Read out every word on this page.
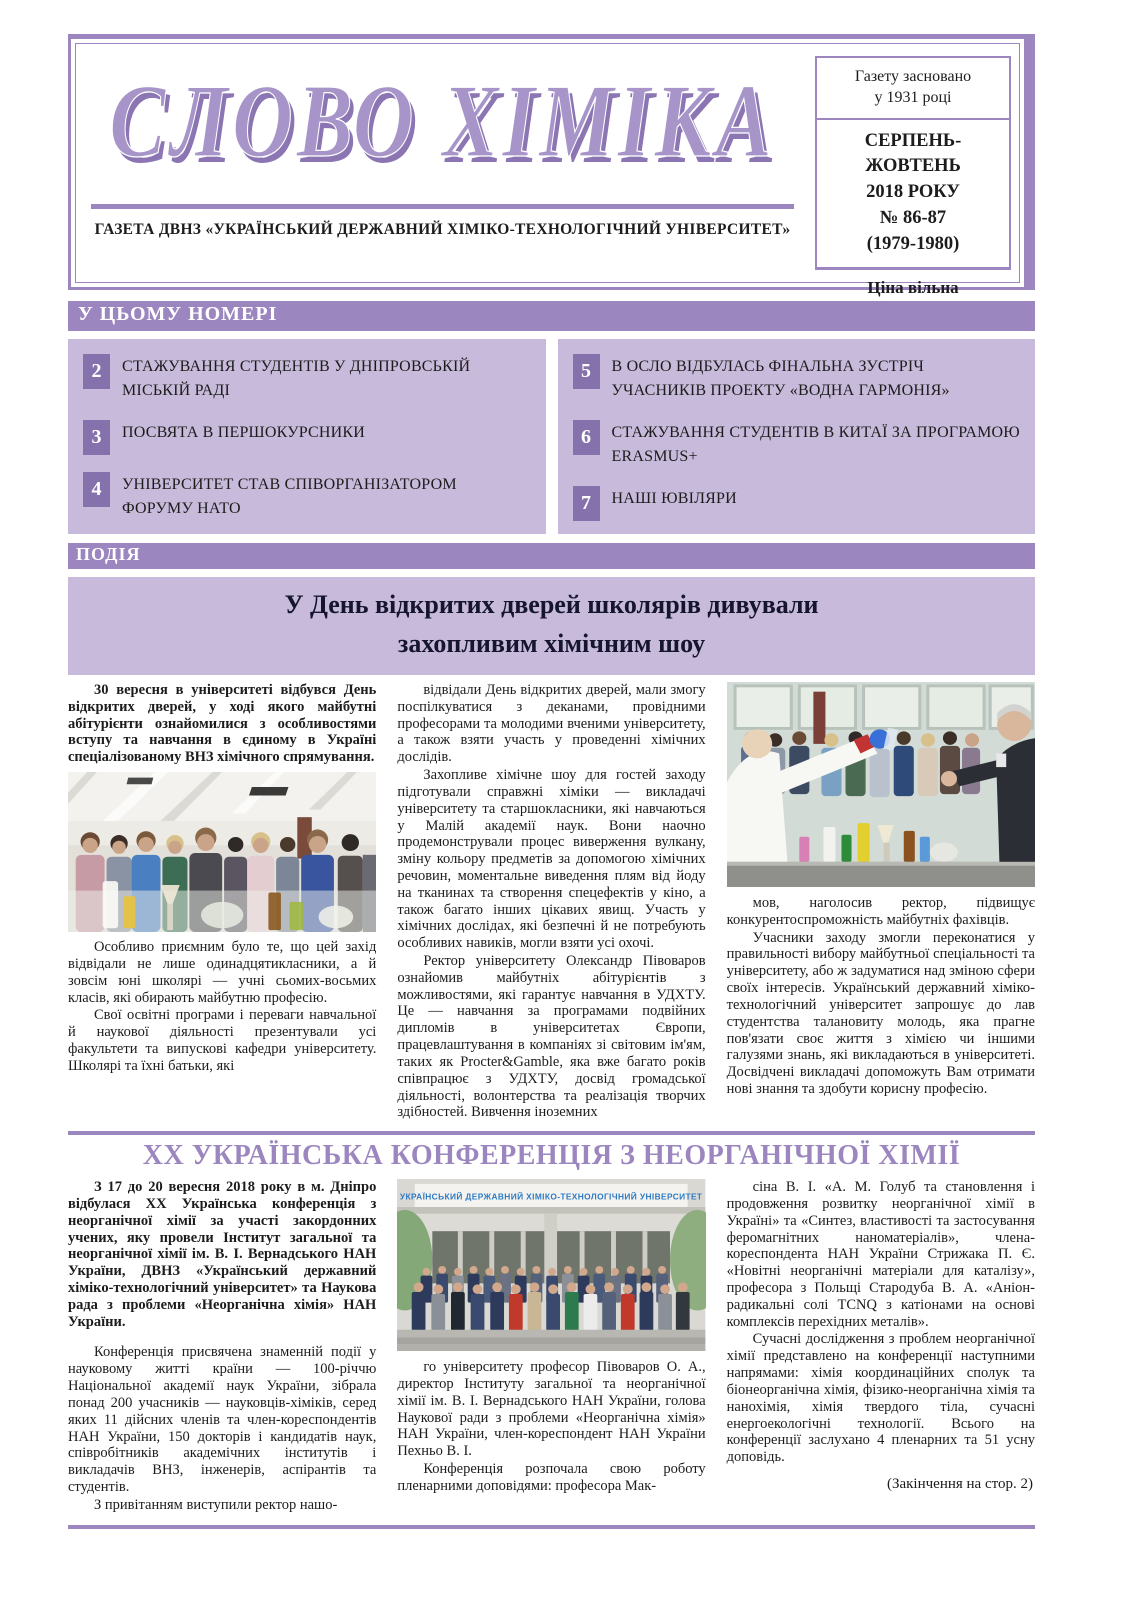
СЛОВО ХІМІКА
ГАЗЕТА ДВНЗ «УКРАЇНСЬКИЙ ДЕРЖАВНИЙ ХІМІКО-ТЕХНОЛОГІЧНИЙ УНІВЕРСИТЕТ»
Газету засновано
у 1931 році
СЕРПЕНЬ-
ЖОВТЕНЬ
2018 РОКУ
№ 86-87
(1979-1980)
Ціна вільна
У ЦЬОМУ НОМЕРІ
2	СТАЖУВАННЯ СТУДЕНТІВ У ДНІПРОВСЬКІЙ МІСЬКІЙ РАДІ
3	ПОСВЯТА В ПЕРШОКУРСНИКИ
4	УНІВЕРСИТЕТ СТАВ СПІВОРГАНІЗАТОРОМ ФОРУМУ НАТО
5	В ОСЛО ВІДБУЛАСЬ ФІНАЛЬНА ЗУСТРІЧ УЧАСНИКІВ ПРОЕКТУ «ВОДНА ГАРМОНІЯ»
6	СТАЖУВАННЯ СТУДЕНТІВ В КИТАЇ ЗА ПРОГРАМОЮ ERASMUS+
7	НАШІ ЮВІЛЯРИ
ПОДІЯ
У День відкритих дверей школярів дивували
захопливим хімічним шоу

30 вересня в університеті відбувся День відкритих дверей, у ході якого майбутні абітурієнти ознайомилися з особливостями вступу та навчання в єдиному в Україні спеціалізованому ВНЗ хімічного спрямування.

Особливо приємним було те, що цей захід відвідали не лише одинадцятикласники, а й зовсім юні школярі — учні сьомих-восьмих класів, які обирають майбутню професію.

Свої освітні програми і переваги навчальної й наукової діяльності презентували усі факультети та випускові кафедри університету. Школярі та їхні батьки, які

відвідали День відкритих дверей, мали змогу поспілкуватися з деканами, провідними професорами та молодими вченими університету, а також взяти участь у проведенні хімічних дослідів.

Захопливе хімічне шоу для гостей заходу підготували справжні хіміки — викладачі університету та старшокласники, які навчаються у Малій академії наук. Вони наочно продемонстрували процес виверження вулкану, зміну кольору предметів за допомогою хімічних речовин, моментальне виведення плям від йоду на тканинах та створення спецефектів у кіно, а також багато інших цікавих явищ. Участь у хімічних дослідах, які безпечні й не потребують особливих навиків, могли взяти усі охочі.

Ректор університету Олександр Півоваров ознайомив майбутніх абітурієнтів з можливостями, які гарантує навчання в УДХТУ. Це — навчання за програмами подвійних дипломів в університетах Європи, працевлаштування в компаніях зі світовим ім'ям, таких як Procter&Gamble, яка вже багато років співпрацює з УДХТУ, досвід громадської діяльності, волонтерства та реалізація творчих здібностей. Вивчення іноземних

мов, наголосив ректор, підвищує конкурентоспроможність майбутніх фахівців.

Учасники заходу змогли переконатися у правильності вибору майбутньої спеціальності та університету, або ж задуматися над зміною сфери своїх інтересів. Український державний хіміко-технологічний університет запрошує до лав студентства талановиту молодь, яка прагне пов'язати своє життя з хімією чи іншими галузями знань, які викладаються в університеті. Досвідчені викладачі допоможуть Вам отримати нові знання та здобути корисну професію.

ХХ УКРАЇНСЬКА КОНФЕРЕНЦІЯ З НЕОРГАНІЧНОЇ ХІМІЇ

З 17 до 20 вересня 2018 року в м. Дніпро відбулася ХХ Українська конференція з неорганічної хімії за участі закордонних учених, яку провели Інститут загальної та неорганічної хімії ім. В. І. Вернадського НАН України, ДВНЗ «Український державний хіміко-технологічний університет» та Наукова рада з проблеми «Неорганічна хімія» НАН України.

Конференція присвячена знаменній події у науковому житті країни — 100-річчю Національної академії наук України, зібрала понад 200 учасників — науковців-хіміків, серед яких 11 дійсних членів та член-кореспондентів НАН України, 150 докторів і кандидатів наук, співробітників академічних інститутів і викладачів ВНЗ, інженерів, аспірантів та студентів.

З привітанням виступили ректор нашо-

УКРАЇНСЬКИЙ ДЕРЖАВНИЙ ХІМІКО-ТЕХНОЛОГІЧНИЙ УНІВЕРСИТЕТ

го університету професор Півоваров О. А., директор Інституту загальної та неорганічної хімії ім. В. І. Вернадського НАН України, голова Наукової ради з проблеми «Неорганічна хімія» НАН України, член-кореспондент НАН України Пехньо В. І.

Конференція розпочала свою роботу пленарними доповідями: професора Мак-

сіна В. І. «А. М. Голуб та становлення і продовження розвитку неорганічної хімії в Україні» та «Синтез, властивості та застосування феромагнітних наноматеріалів», члена-кореспондента НАН України Стрижака П. Є. «Новітні неорганічні матеріали для каталізу», професора з Польщі Стародуба В. А. «Аніон-радикальні солі TCNQ з катіонами на основі комплексів перехідних металів».

Сучасні дослідження з проблем неорганічної хімії представлено на конференції наступними напрямами: хімія координаційних сполук та біонеорганічна хімія, фізико-неорганічна хімія та нанохімія, хімія твердого тіла, сучасні енергоекологічні технології. Всього на конференції заслухано 4 пленарних та 51 усну доповідь.

(Закінчення на стор. 2)
